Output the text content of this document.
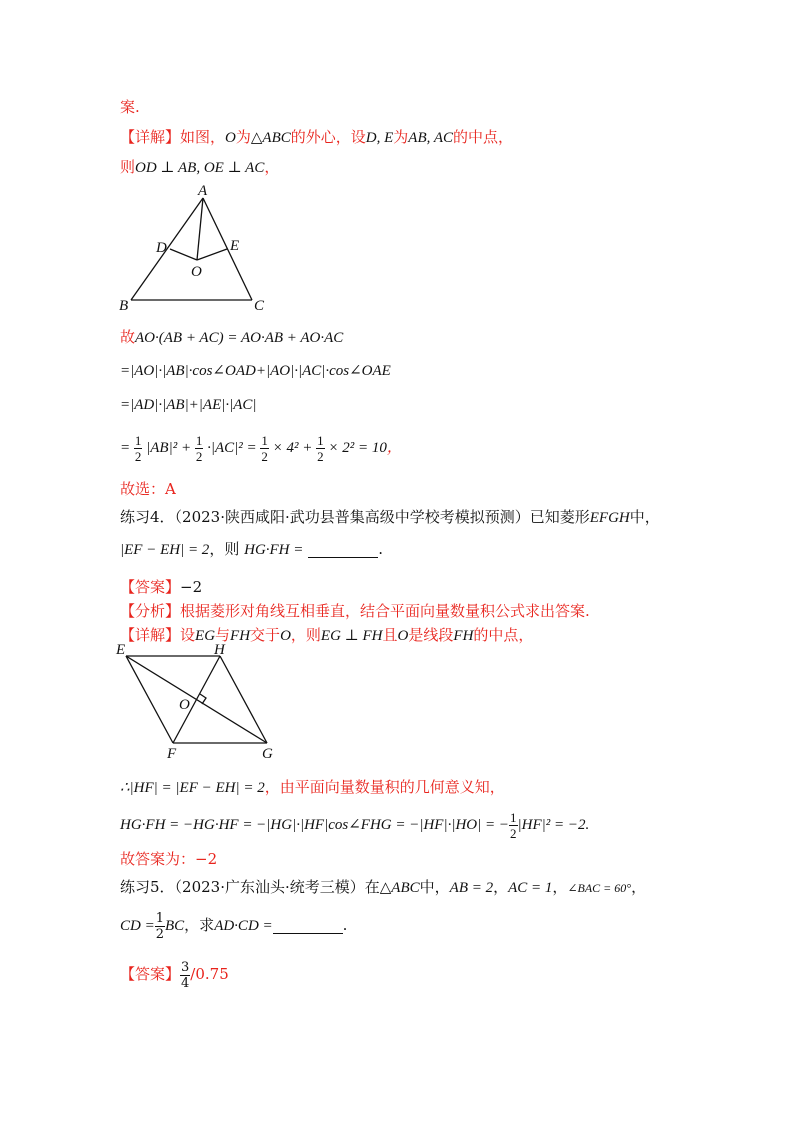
案.
【详解】如图，O为△ABC的外心，设D, E为AB, AC的中点，
则OD ⊥ AB, OE ⊥ AC，
A
D	E
O
B	C
故AO·(AB + AC) = AO·AB + AO·AC
=|AO|·|AB|·cos∠OAD+|AO|·|AC|·cos∠OAE
=|AD|·|AB|+|AE|·|AC|
= $\frac{1}{2} |AB|^2 + \frac{1}{2} \cdot|AC|^2 = \frac{1}{2} \times 4^2 + \frac{1}{2} \times 2^2 = 10$，
故选：A
练习4．（2023·陕西咸阳·武功县普集高级中学校考模拟预测）已知菱形EFGH中，
|EF − EH| = 2，则 HG·FH =	.
【答案】−2
【分析】根据菱形对角线互相垂直，结合平面向量数量积公式求出答案.
【详解】设EG与FH交于O，则EG ⊥ FH且O是线段FH的中点，
E	H
O
F	G
∴|HF| = |EF − EH| = 2，由平面向量数量积的几何意义知，
HG·FH = −HG·HF = −|HG|·|HF|cos∠FHG = −|HF|·|HO| = − $\frac{1}{2} |HF|^2 = -2$.
故答案为：−2
练习5．（2023·广东汕头·统考三模）在△ABC中，AB = 2，AC = 1，∠BAC = 60°，
CD = $\frac{1}{2}$ BC，求AD·CD =	.
【答案】 $\frac{3}{4} /0.75$
